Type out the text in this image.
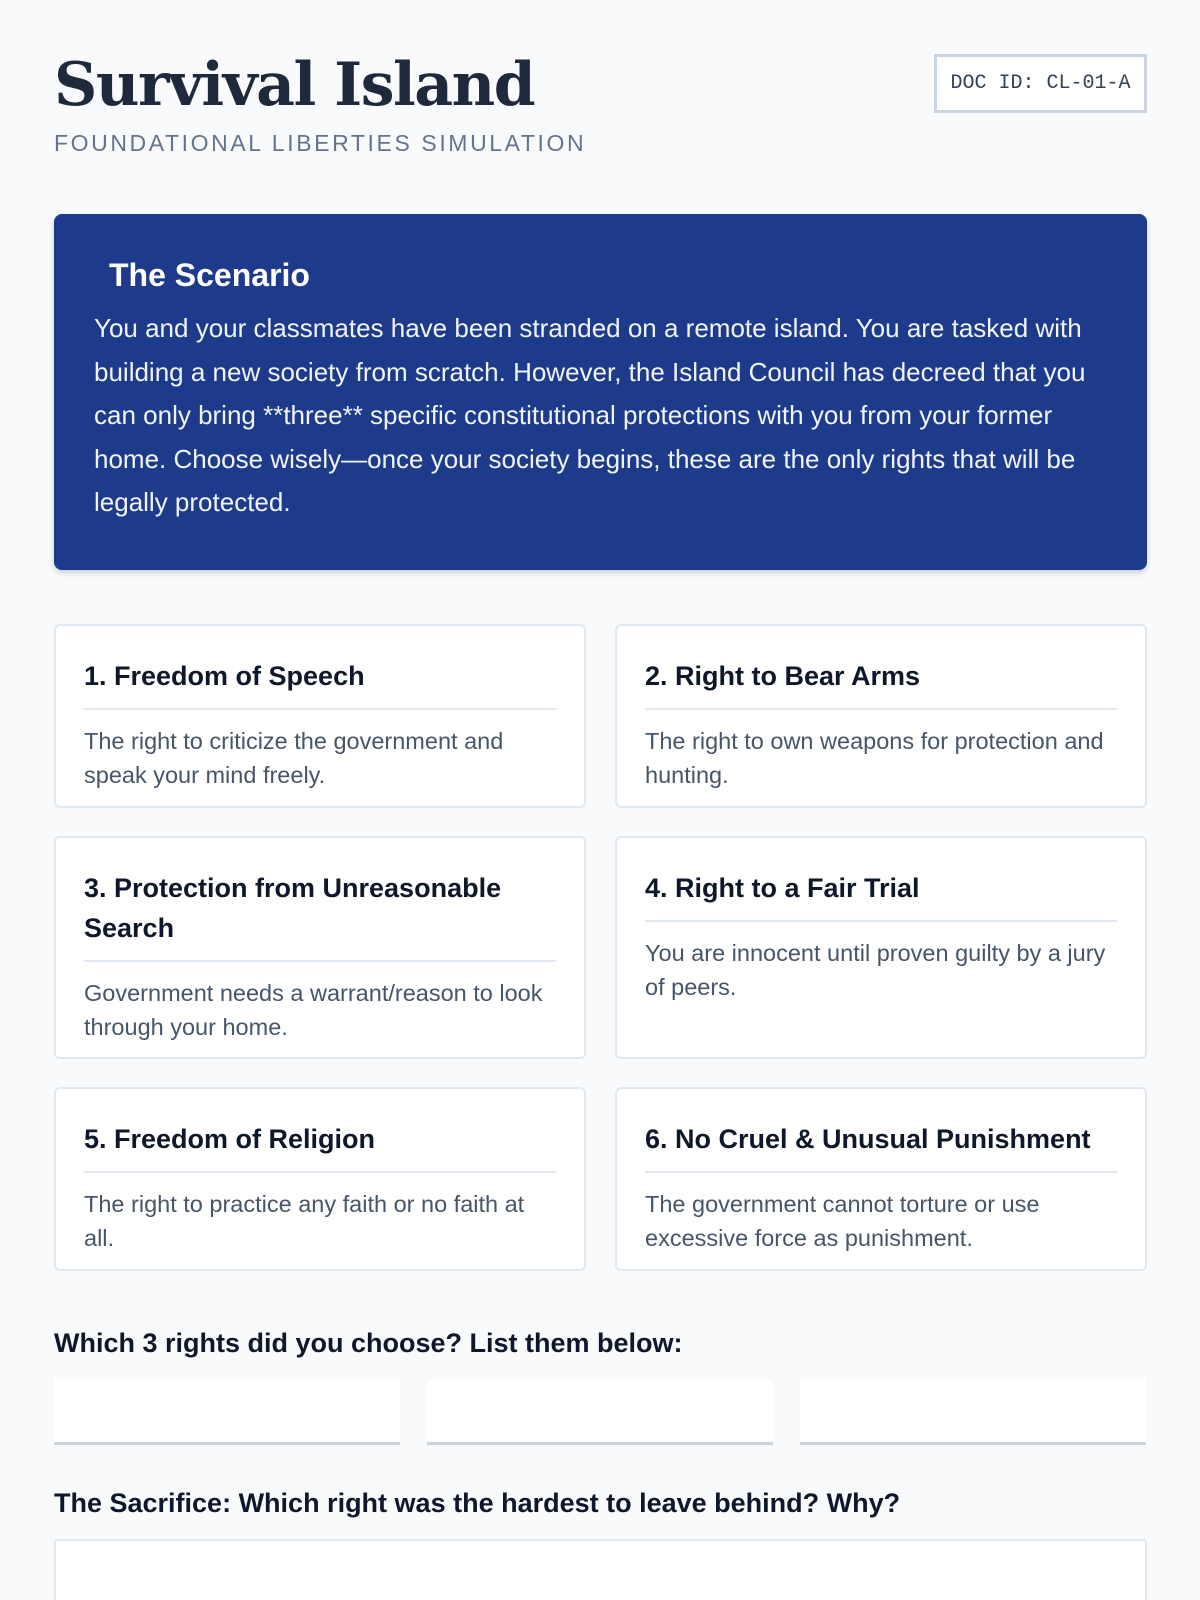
Survival Island
FOUNDATIONAL LIBERTIES SIMULATION
DOC ID: CL-01-A
The Scenario
You and your classmates have been stranded on a remote island. You are tasked with building a new society from scratch. However, the Island Council has decreed that you can only bring **three** specific constitutional protections with you from your former home. Choose wisely—once your society begins, these are the only rights that will be legally protected.
1. Freedom of Speech
The right to criticize the government and speak your mind freely.
2. Right to Bear Arms
The right to own weapons for protection and hunting.
3. Protection from Unreasonable Search
Government needs a warrant/reason to look through your home.
4. Right to a Fair Trial
You are innocent until proven guilty by a jury of peers.
5. Freedom of Religion
The right to practice any faith or no faith at all.
6. No Cruel & Unusual Punishment
The government cannot torture or use excessive force as punishment.
Which 3 rights did you choose? List them below:
The Sacrifice: Which right was the hardest to leave behind? Why?
